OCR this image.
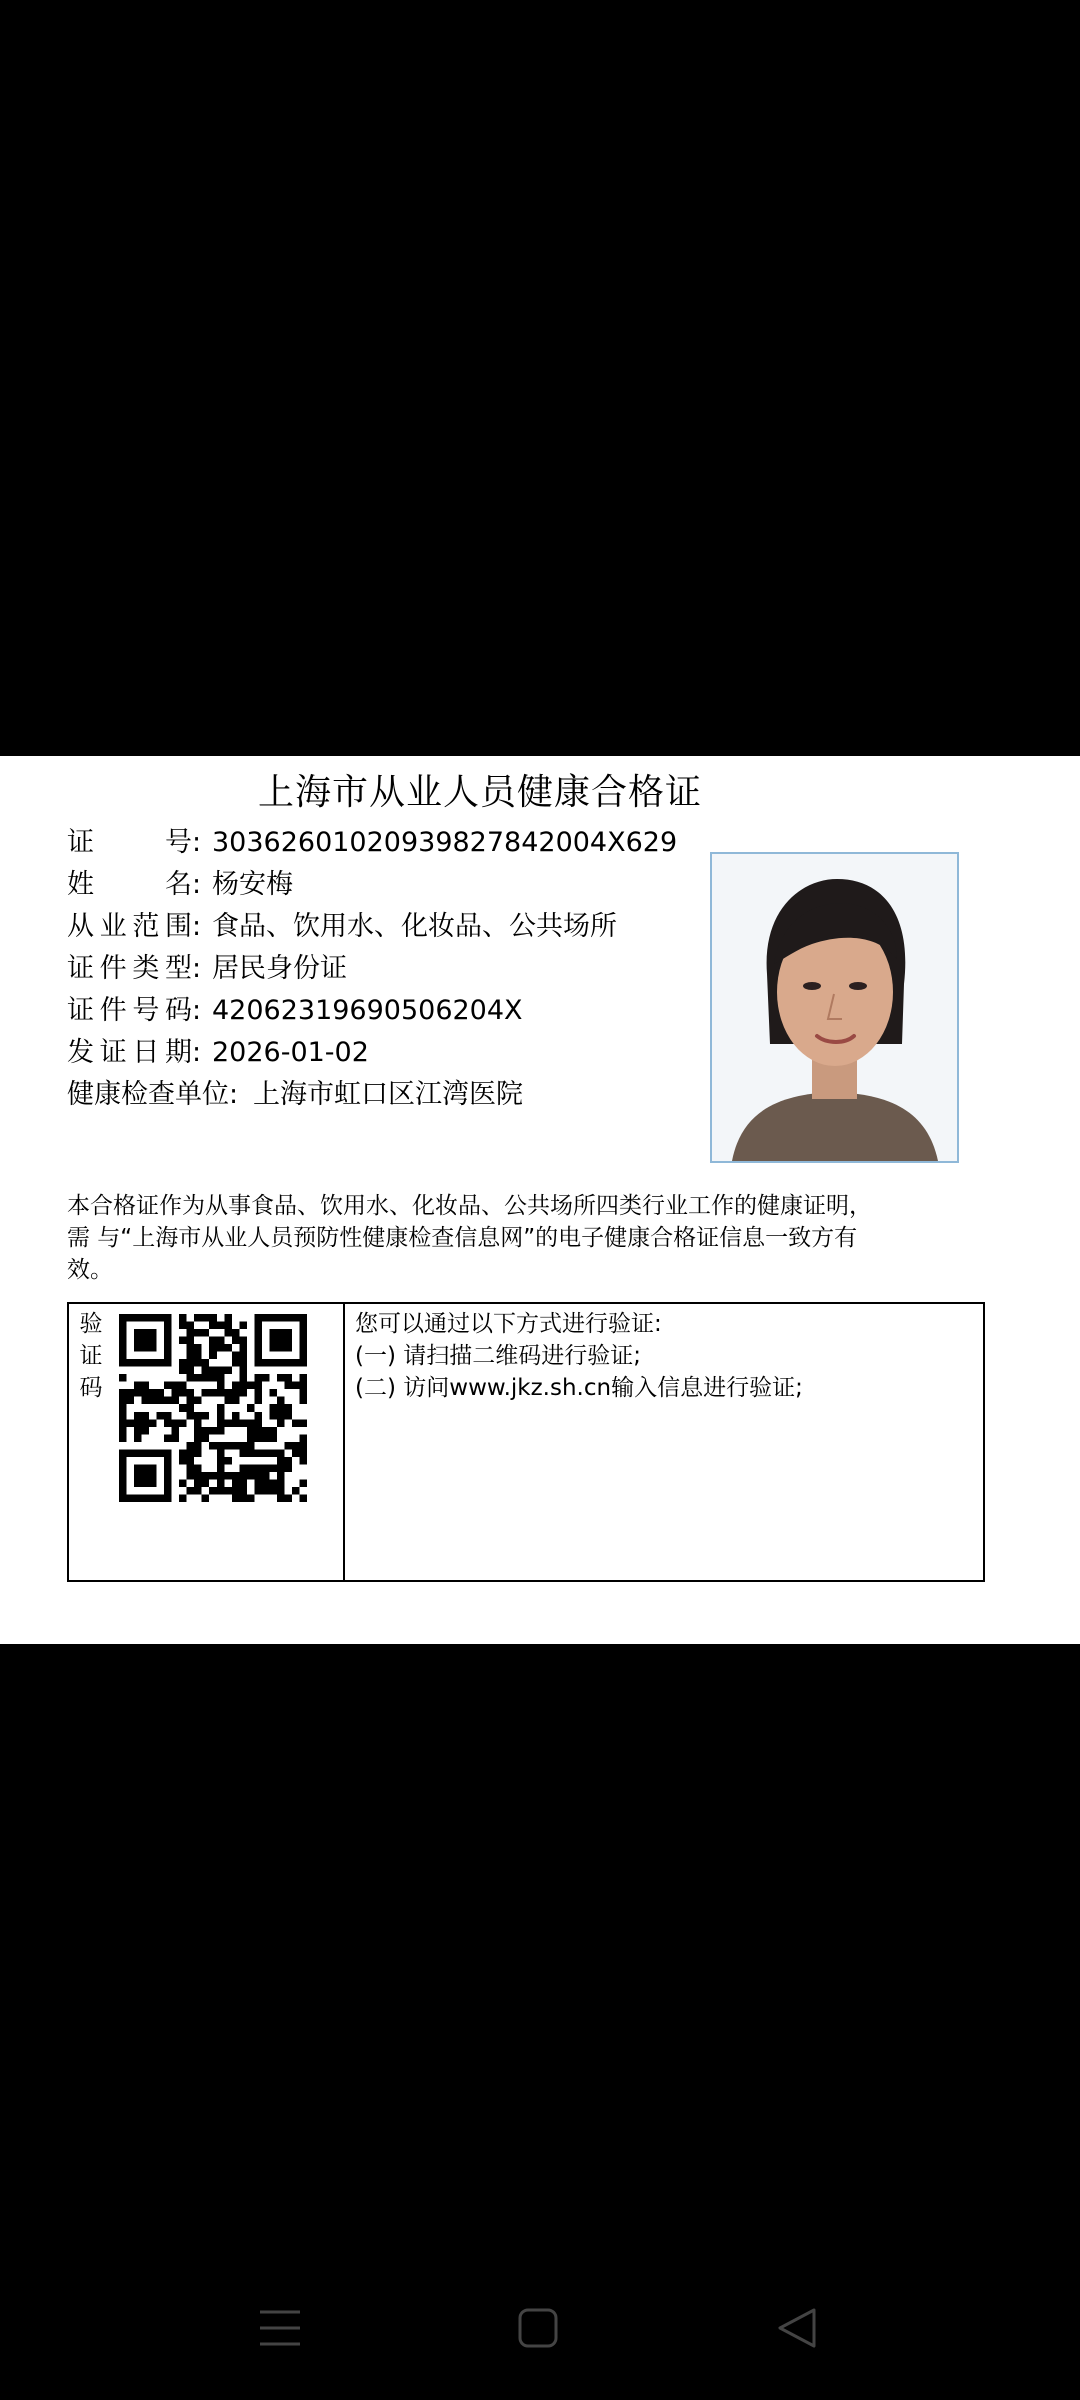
上海市从业人员健康合格证
证　　号: 30362601020939827842004X629
姓　　名: 杨安梅
从业范围: 食品、饮用水、化妆品、公共场所
证件类型: 居民身份证
证件号码: 42062319690506204X
发证日期: 2026-01-02
健康检查单位: 上海市虹口区江湾医院
本合格证作为从事食品、饮用水、化妆品、公共场所四类行业工作的健康证明，
需 与“上海市从业人员预防性健康检查信息网”的电子健康合格证信息一致方有
效。
验
证
码
您可以通过以下方式进行验证:
(一) 请扫描二维码进行验证;
(二) 访问www.jkz.sh.cn输入信息进行验证;
